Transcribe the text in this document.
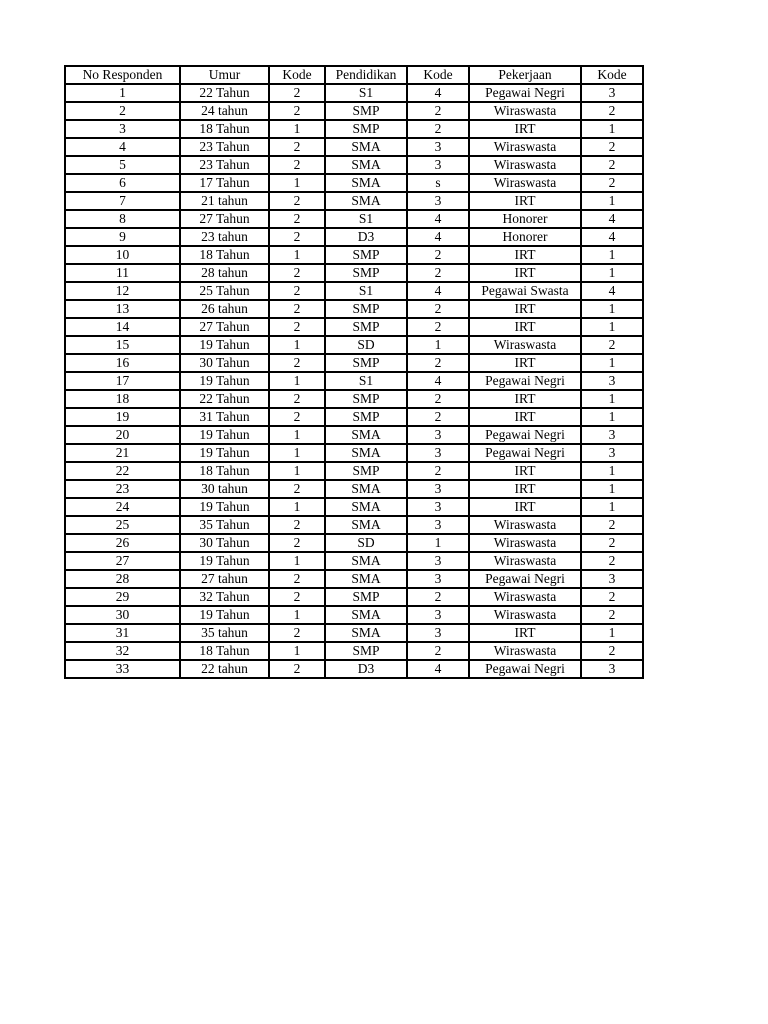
No Responden	Umur	Kode	Pendidikan	Kode	Pekerjaan	Kode
1	22 Tahun	2	S1	4	Pegawai Negri	3
2	24 tahun	2	SMP	2	Wiraswasta	2
3	18 Tahun	1	SMP	2	IRT	1
4	23 Tahun	2	SMA	3	Wiraswasta	2
5	23 Tahun	2	SMA	3	Wiraswasta	2
6	17 Tahun	1	SMA	s	Wiraswasta	2
7	21 tahun	2	SMA	3	IRT	1
8	27 Tahun	2	S1	4	Honorer	4
9	23 tahun	2	D3	4	Honorer	4
10	18 Tahun	1	SMP	2	IRT	1
11	28 tahun	2	SMP	2	IRT	1
12	25 Tahun	2	S1	4	Pegawai Swasta	4
13	26 tahun	2	SMP	2	IRT	1
14	27 Tahun	2	SMP	2	IRT	1
15	19 Tahun	1	SD	1	Wiraswasta	2
16	30 Tahun	2	SMP	2	IRT	1
17	19 Tahun	1	S1	4	Pegawai Negri	3
18	22 Tahun	2	SMP	2	IRT	1
19	31 Tahun	2	SMP	2	IRT	1
20	19 Tahun	1	SMA	3	Pegawai Negri	3
21	19 Tahun	1	SMA	3	Pegawai Negri	3
22	18 Tahun	1	SMP	2	IRT	1
23	30 tahun	2	SMA	3	IRT	1
24	19 Tahun	1	SMA	3	IRT	1
25	35 Tahun	2	SMA	3	Wiraswasta	2
26	30 Tahun	2	SD	1	Wiraswasta	2
27	19 Tahun	1	SMA	3	Wiraswasta	2
28	27 tahun	2	SMA	3	Pegawai Negri	3
29	32 Tahun	2	SMP	2	Wiraswasta	2
30	19 Tahun	1	SMA	3	Wiraswasta	2
31	35 tahun	2	SMA	3	IRT	1
32	18 Tahun	1	SMP	2	Wiraswasta	2
33	22 tahun	2	D3	4	Pegawai Negri	3
